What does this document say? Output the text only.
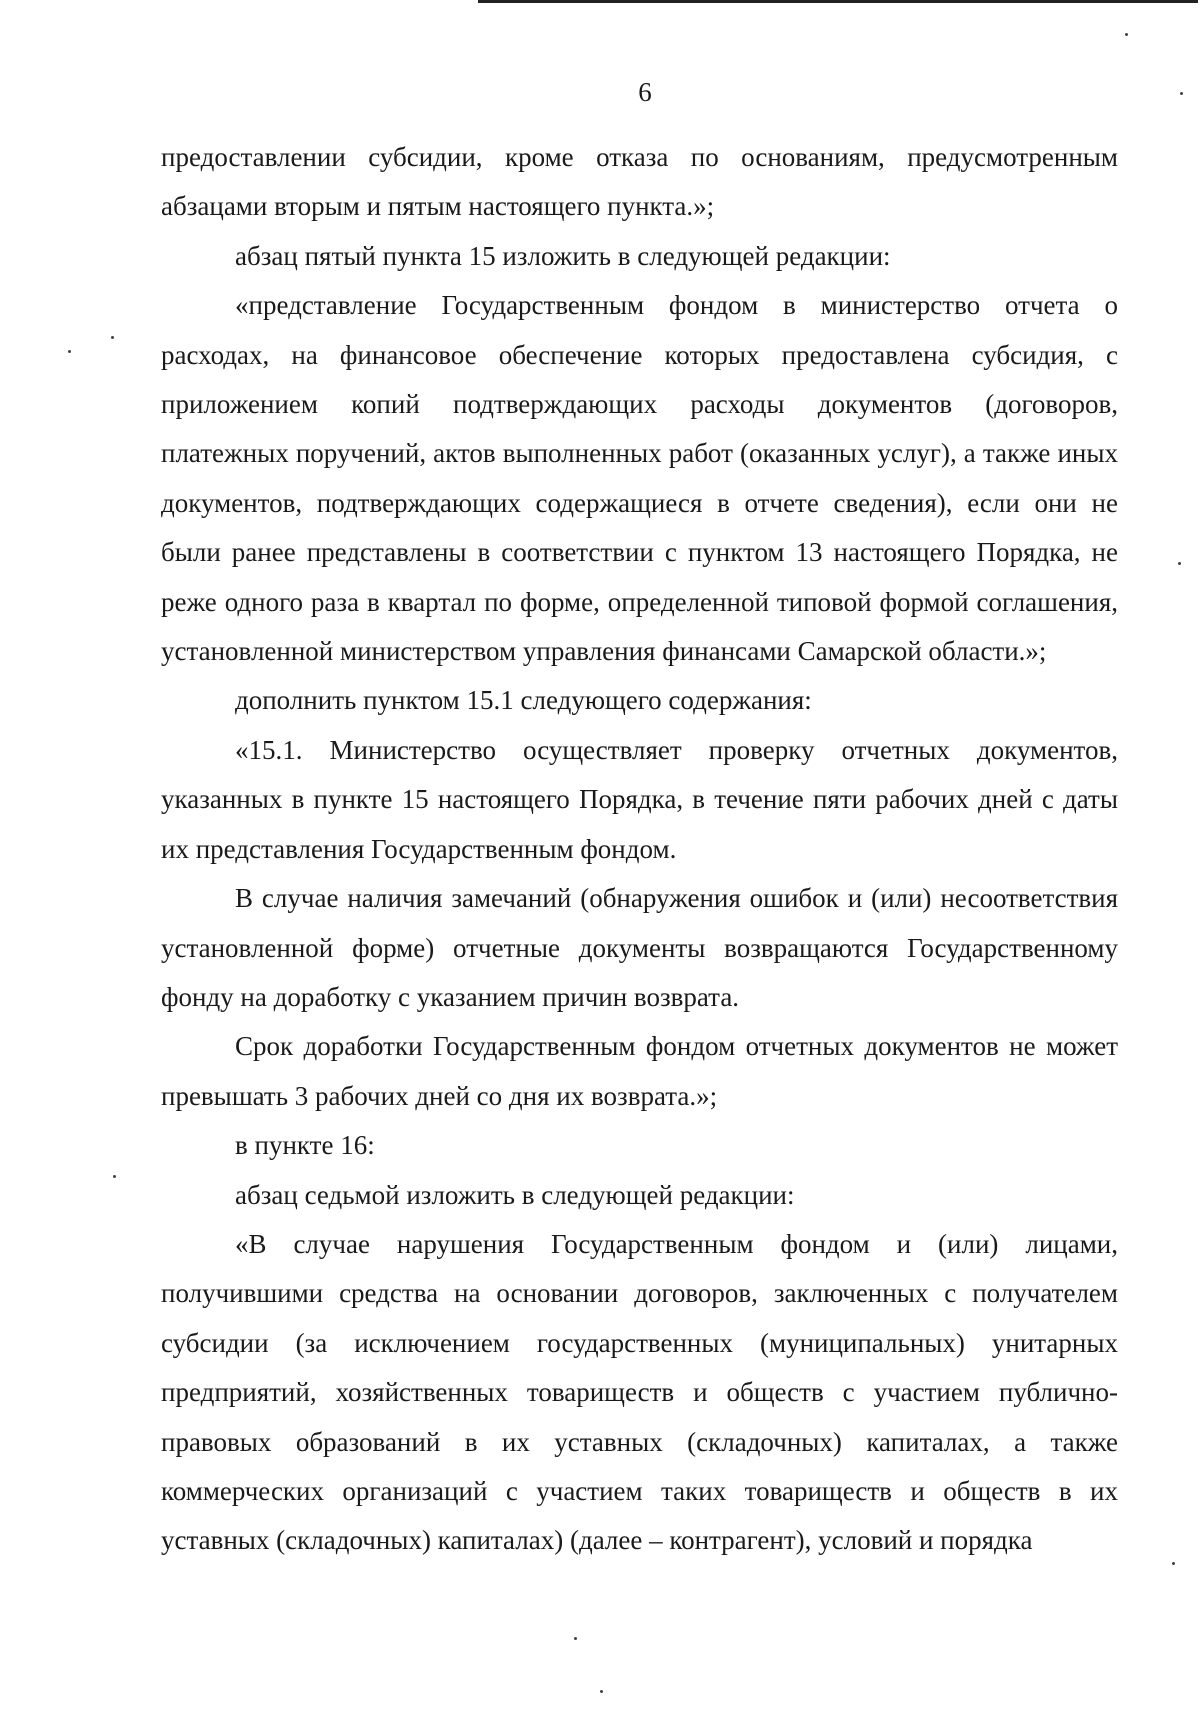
6

предоставлении субсидии, кроме отказа по основаниям, предусмотренным абзацами вторым и пятым настоящего пункта.»;

абзац пятый пункта 15 изложить в следующей редакции:

«представление Государственным фондом в министерство отчета о расходах, на финансовое обеспечение которых предоставлена субсидия, с приложением копий подтверждающих расходы документов (договоров, платежных поручений, актов выполненных работ (оказанных услуг), а также иных документов, подтверждающих содержащиеся в отчете сведения), если они не были ранее представлены в соответствии с пунктом 13 настоящего Порядка, не реже одного раза в квартал по форме, определенной типовой формой соглашения, установленной министерством управления финансами Самарской области.»;

дополнить пунктом 15.1 следующего содержания:

«15.1. Министерство осуществляет проверку отчетных документов, указанных в пункте 15 настоящего Порядка, в течение пяти рабочих дней с даты их представления Государственным фондом.

В случае наличия замечаний (обнаружения ошибок и (или) несоответствия установленной форме) отчетные документы возвращаются Государственному фонду на доработку с указанием причин возврата.

Срок доработки Государственным фондом отчетных документов не может превышать 3 рабочих дней со дня их возврата.»;

в пункте 16:

абзац седьмой изложить в следующей редакции:

«В случае нарушения Государственным фондом и (или) лицами, получившими средства на основании договоров, заключенных с получателем субсидии (за исключением государственных (муниципальных) унитарных предприятий, хозяйственных товариществ и обществ с участием публично-правовых образований в их уставных (складочных) капиталах, а также коммерческих организаций с участием таких товариществ и обществ в их уставных (складочных) капиталах) (далее – контрагент), условий и порядка
